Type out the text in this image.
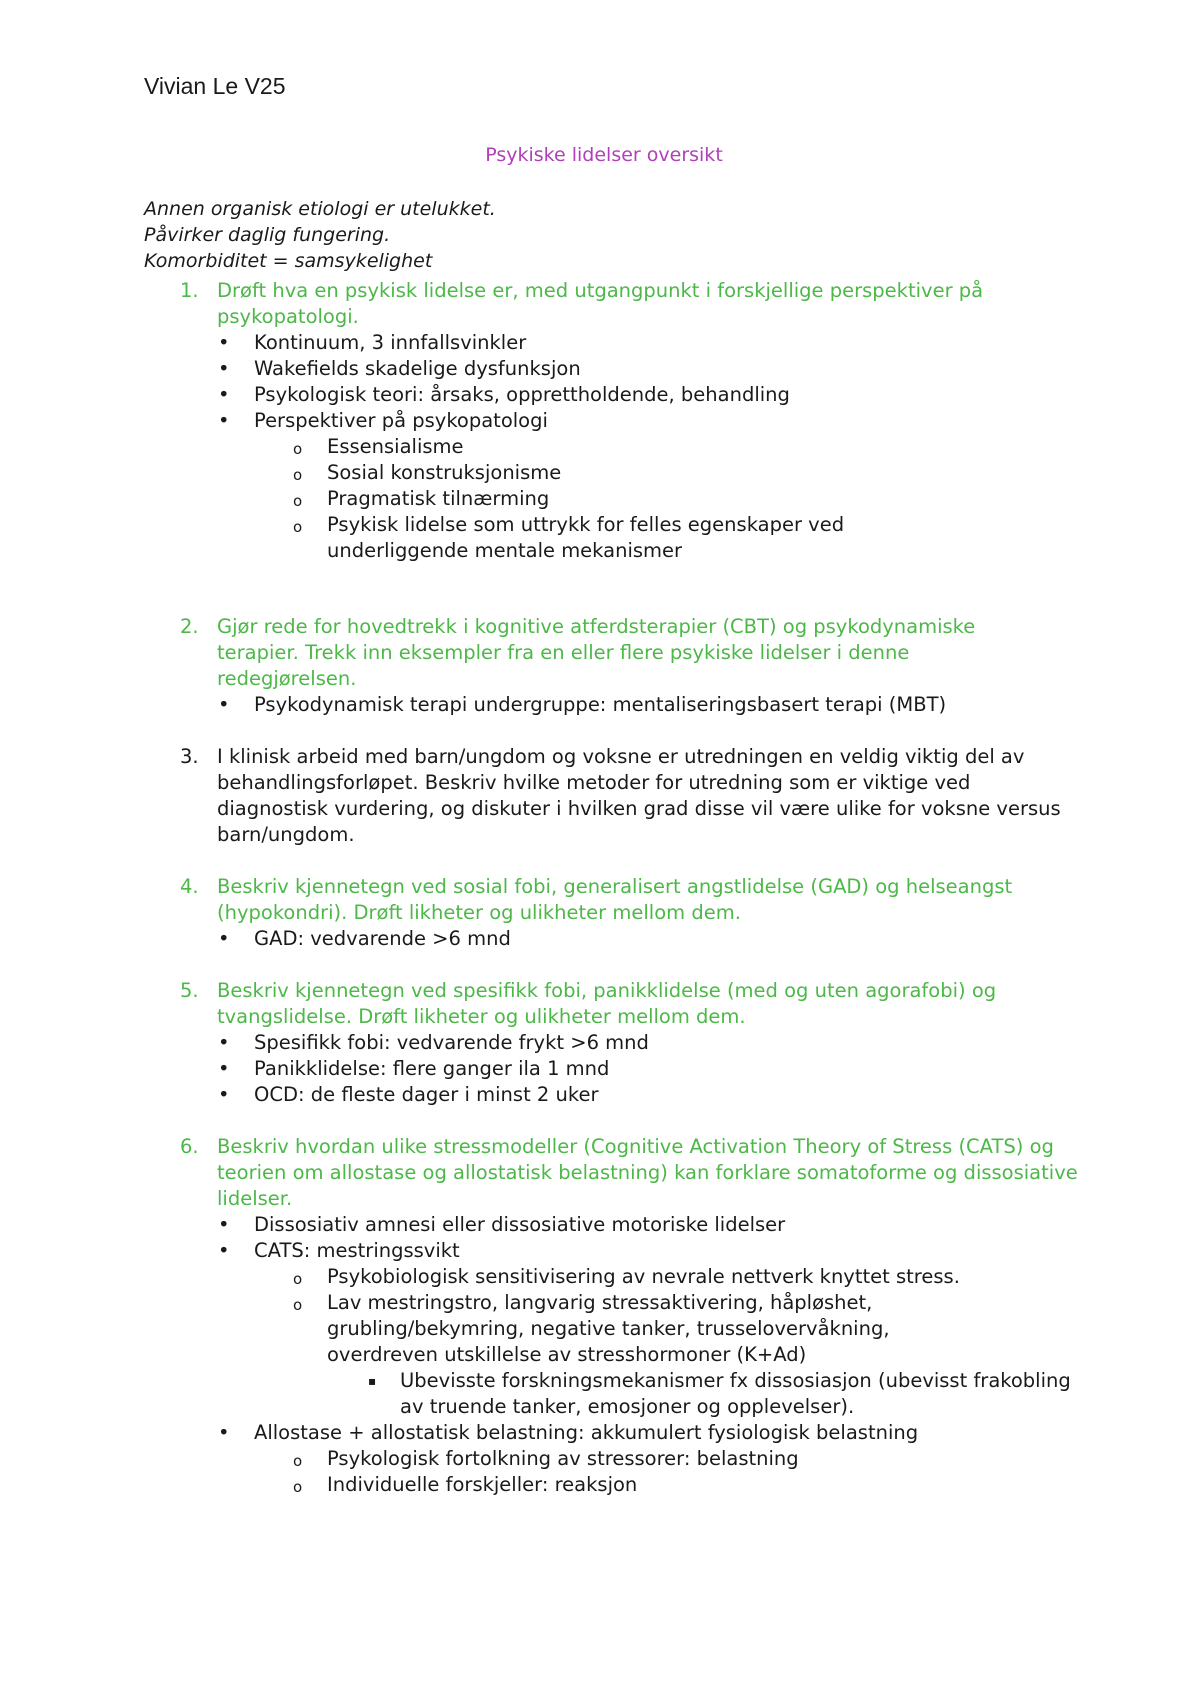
Vivian Le V25

Psykiske lidelser oversikt

Annen organisk etiologi er utelukket.
Påvirker daglig fungering.
Komorbiditet = samsykelighet
1. Drøft hva en psykisk lidelse er, med utgangpunkt i forskjellige perspektiver på psykopatologi.
• Kontinuum, 3 innfallsvinkler
• Wakefields skadelige dysfunksjon
• Psykologisk teori: årsaks, opprettholdende, behandling
• Perspektiver på psykopatologi
o Essensialisme
o Sosial konstruksjonisme
o Pragmatisk tilnærming
o Psykisk lidelse som uttrykk for felles egenskaper ved underliggende mentale mekanismer
2. Gjør rede for hovedtrekk i kognitive atferdsterapier (CBT) og psykodynamiske terapier. Trekk inn eksempler fra en eller flere psykiske lidelser i denne redegjørelsen.
• Psykodynamisk terapi undergruppe: mentaliseringsbasert terapi (MBT)
3. I klinisk arbeid med barn/ungdom og voksne er utredningen en veldig viktig del av behandlingsforløpet. Beskriv hvilke metoder for utredning som er viktige ved diagnostisk vurdering, og diskuter i hvilken grad disse vil være ulike for voksne versus barn/ungdom.
4. Beskriv kjennetegn ved sosial fobi, generalisert angstlidelse (GAD) og helseangst (hypokondri). Drøft likheter og ulikheter mellom dem.
• GAD: vedvarende >6 mnd
5. Beskriv kjennetegn ved spesifikk fobi, panikklidelse (med og uten agorafobi) og tvangslidelse. Drøft likheter og ulikheter mellom dem.
• Spesifikk fobi: vedvarende frykt >6 mnd
• Panikklidelse: flere ganger ila 1 mnd
• OCD: de fleste dager i minst 2 uker
6. Beskriv hvordan ulike stressmodeller (Cognitive Activation Theory of Stress (CATS) og teorien om allostase og allostatisk belastning) kan forklare somatoforme og dissosiative lidelser.
• Dissosiativ amnesi eller dissosiative motoriske lidelser
• CATS: mestringssvikt
o Psykobiologisk sensitivisering av nevrale nettverk knyttet stress.
o Lav mestringstro, langvarig stressaktivering, håpløshet, grubling/bekymring, negative tanker, trusselovervåkning, overdreven utskillelse av stresshormoner (K+Ad)
▪ Ubevisste forskningsmekanismer fx dissosiasjon (ubevisst frakobling av truende tanker, emosjoner og opplevelser).
• Allostase + allostatisk belastning: akkumulert fysiologisk belastning
o Psykologisk fortolkning av stressorer: belastning
o Individuelle forskjeller: reaksjon
